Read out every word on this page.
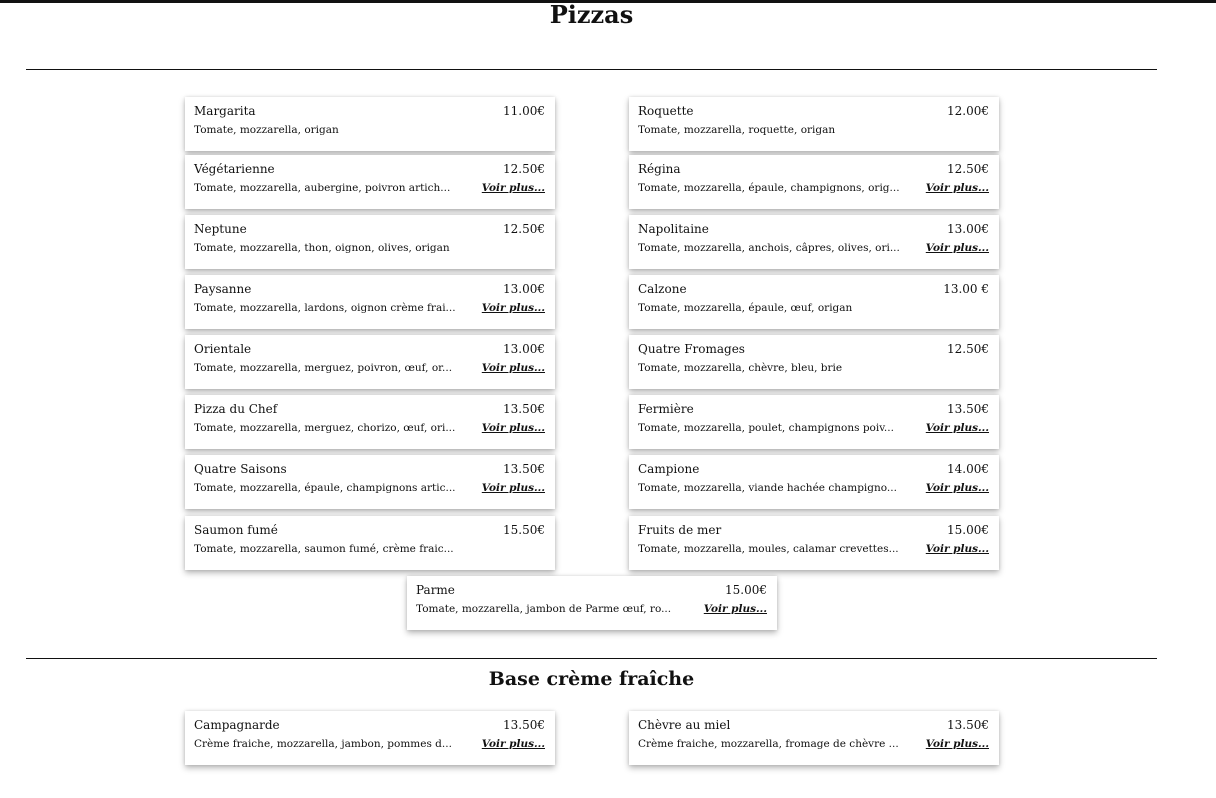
Pizzas
Margarita	11.00€
Tomate, mozzarella, origan
Roquette	12.00€
Tomate, mozzarella, roquette, origan
Végétarienne	12.50€
Tomate, mozzarella, aubergine, poivron artich...	Voir plus...
Régina	12.50€
Tomate, mozzarella, épaule, champignons, orig...	Voir plus...
Neptune	12.50€
Tomate, mozzarella, thon, oignon, olives, origan
Napolitaine	13.00€
Tomate, mozzarella, anchois, câpres, olives, ori... Voir plus...
Paysanne	13.00€
Tomate, mozzarella, lardons, oignon crème frai... Voir plus...
Calzone	13.00 €
Tomate, mozzarella, épaule, œuf, origan
Orientale	13.00€
Tomate, mozzarella, merguez, poivron, œuf, or...	Voir plus...
Quatre Fromages	12.50€
Tomate, mozzarella, chèvre, bleu, brie
Pizza du Chef	13.50€
Tomate, mozzarella, merguez, chorizo, œuf, ori...	Voir plus...
Fermière	13.50€
Tomate, mozzarella, poulet, champignons poiv...	Voir plus...
Quatre Saisons	13.50€
Tomate, mozzarella, épaule, champignons artic...	Voir plus...
Campione	14.00€
Tomate, mozzarella, viande hachée champigno...	Voir plus...
Saumon fumé	15.50€
Tomate, mozzarella, saumon fumé, crème fraic...
Fruits de mer	15.00€
Tomate, mozzarella, moules, calamar crevettes...	Voir plus...
Parme	15.00€
Tomate, mozzarella, jambon de Parme œuf, ro...	Voir plus...
Base crème fraîche
Campagnarde	13.50€
Crème fraiche, mozzarella, jambon, pommes d...	Voir plus...
Chèvre au miel	13.50€
Crème fraiche, mozzarella, fromage de chèvre ...	Voir plus...
